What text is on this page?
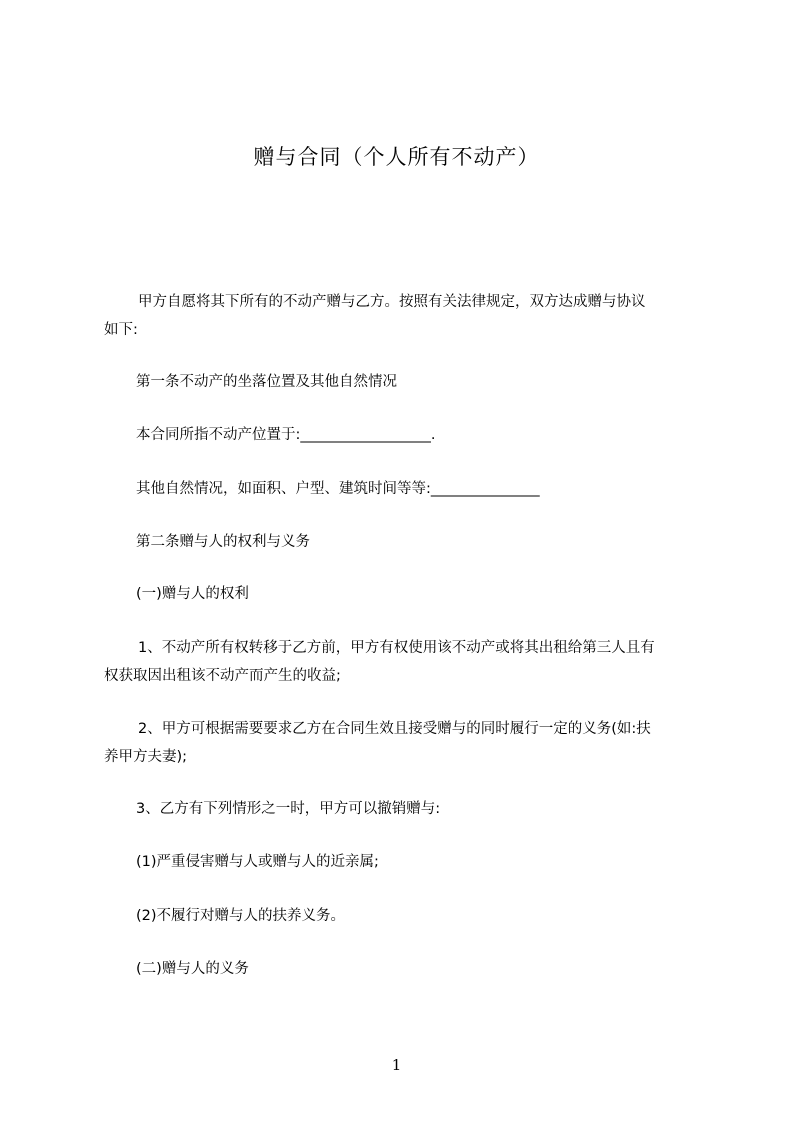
赠与合同（个人所有不动产）
甲方自愿将其下所有的不动产赠与乙方。按照有关法律规定，双方达成赠与协议
如下:
第一条不动产的坐落位置及其他自然情况
本合同所指不动产位置于:__________________.
其他自然情况，如面积、户型、建筑时间等等:_______________
第二条赠与人的权利与义务
(一)赠与人的权利
1、不动产所有权转移于乙方前，甲方有权使用该不动产或将其出租给第三人且有
权获取因出租该不动产而产生的收益;
2、甲方可根据需要要求乙方在合同生效且接受赠与的同时履行一定的义务(如:扶
养甲方夫妻);
3、乙方有下列情形之一时，甲方可以撤销赠与:
(1)严重侵害赠与人或赠与人的近亲属;
(2)不履行对赠与人的扶养义务。
(二)赠与人的义务
1
